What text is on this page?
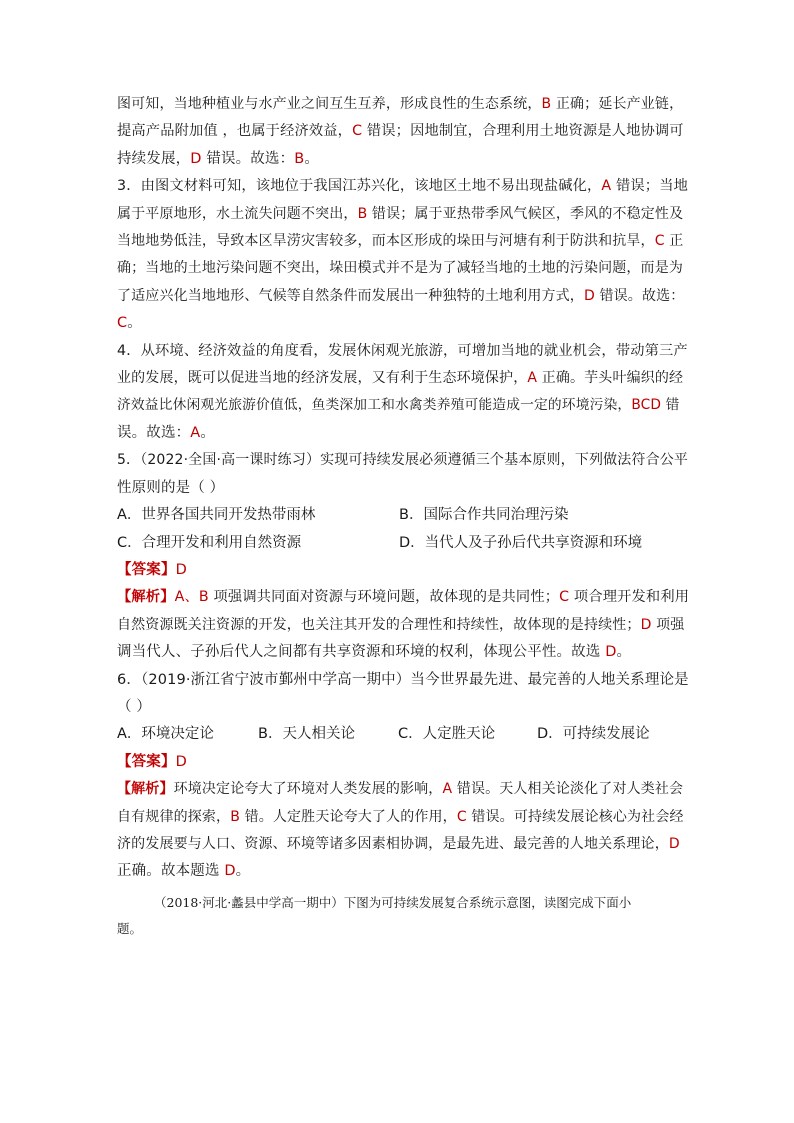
图可知，当地种植业与水产业之间互生互养，形成良性的生态系统，B 正确；延长产业链，
提高产品附加值 ，也属于经济效益，C 错误；因地制宜，合理利用土地资源是人地协调可
持续发展，D 错误。故选：B。
3．由图文材料可知，该地位于我国江苏兴化，该地区土地不易出现盐碱化，A 错误；当地
属于平原地形，水土流失问题不突出，B 错误；属于亚热带季风气候区，季风的不稳定性及
当地地势低洼，导致本区旱涝灾害较多，而本区形成的垛田与河塘有利于防洪和抗旱，C 正
确；当地的土地污染问题不突出，垛田模式并不是为了减轻当地的土地的污染问题，而是为
了适应兴化当地地形、气候等自然条件而发展出一种独特的土地利用方式，D 错误。故选：
C。
4．从环境、经济效益的角度看，发展休闲观光旅游，可增加当地的就业机会，带动第三产
业的发展，既可以促进当地的经济发展，又有利于生态环境保护，A 正确。芋头叶编织的经
济效益比休闲观光旅游价值低，鱼类深加工和水禽类养殖可能造成一定的环境污染，BCD 错
误。故选：A。
5．（2022·全国·高一课时练习）实现可持续发展必须遵循三个基本原则，下列做法符合公平
性原则的是（ ）
A．世界各国共同开发热带雨林	B．国际合作共同治理污染
C．合理开发和利用自然资源	D．当代人及子孙后代共享资源和环境
【答案】D
【解析】A、B 项强调共同面对资源与环境问题，故体现的是共同性；C 项合理开发和利用
自然资源既关注资源的开发，也关注其开发的合理性和持续性，故体现的是持续性；D 项强
调当代人、子孙后代人之间都有共享资源和环境的权利，体现公平性。故选 D。
6．（2019·浙江省宁波市鄞州中学高一期中）当今世界最先进、最完善的人地关系理论是
（ ）
A．环境决定论	B．天人相关论	C．人定胜天论	D．可持续发展论
【答案】D
【解析】环境决定论夸大了环境对人类发展的影响，A 错误。天人相关论淡化了对人类社会
自有规律的探索，B 错。人定胜天论夸大了人的作用，C 错误。可持续发展论核心为社会经
济的发展要与人口、资源、环境等诸多因素相协调，是最先进、最完善的人地关系理论，D
正确。故本题选 D。
（2018·河北·蠡县中学高一期中）下图为可持续发展复合系统示意图，读图完成下面小
题。
